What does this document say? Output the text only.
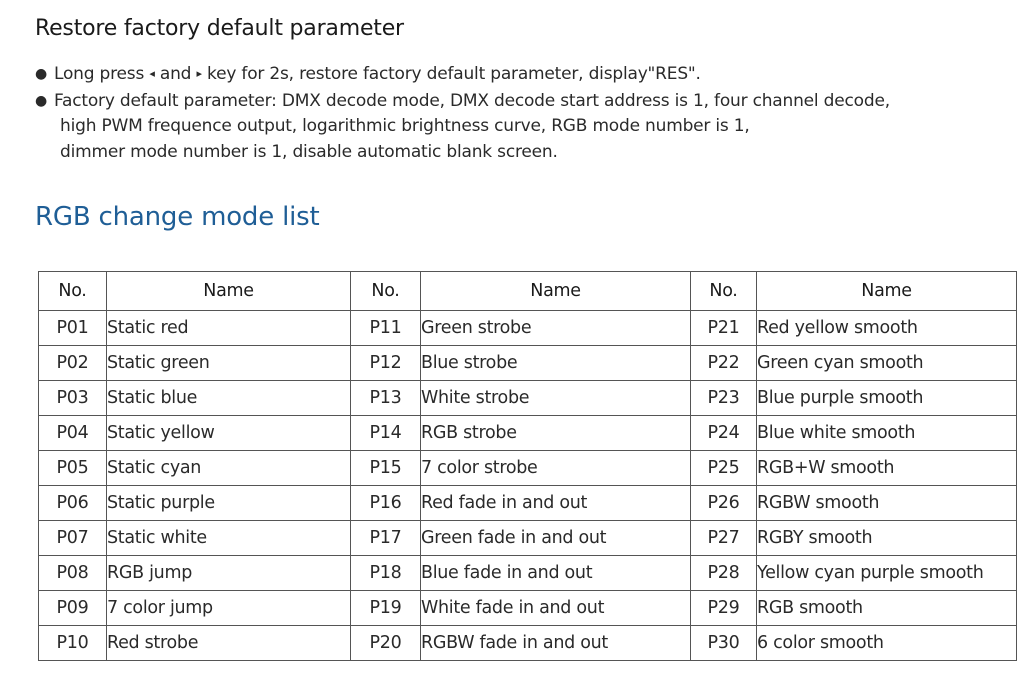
Restore factory default parameter
● Long press ◂ and ▸ key for 2s, restore factory default parameter, display"RES".
● Factory default parameter: DMX decode mode, DMX decode start address is 1, four channel decode,
high PWM frequence output, logarithmic brightness curve, RGB mode number is 1,
dimmer mode number is 1, disable automatic blank screen.
RGB change mode list
No.	Name	No.	Name	No.	Name
P01	Static red	P11	Green strobe	P21	Red yellow smooth
P02	Static green	P12	Blue strobe	P22	Green cyan smooth
P03	Static blue	P13	White strobe	P23	Blue purple smooth
P04	Static yellow	P14	RGB strobe	P24	Blue white smooth
P05	Static cyan	P15	7 color strobe	P25	RGB+W smooth
P06	Static purple	P16	Red fade in and out	P26	RGBW smooth
P07	Static white	P17	Green fade in and out	P27	RGBY smooth
P08	RGB jump	P18	Blue fade in and out	P28	Yellow cyan purple smooth
P09	7 color jump	P19	White fade in and out	P29	RGB smooth
P10	Red strobe	P20	RGBW fade in and out	P30	6 color smooth
